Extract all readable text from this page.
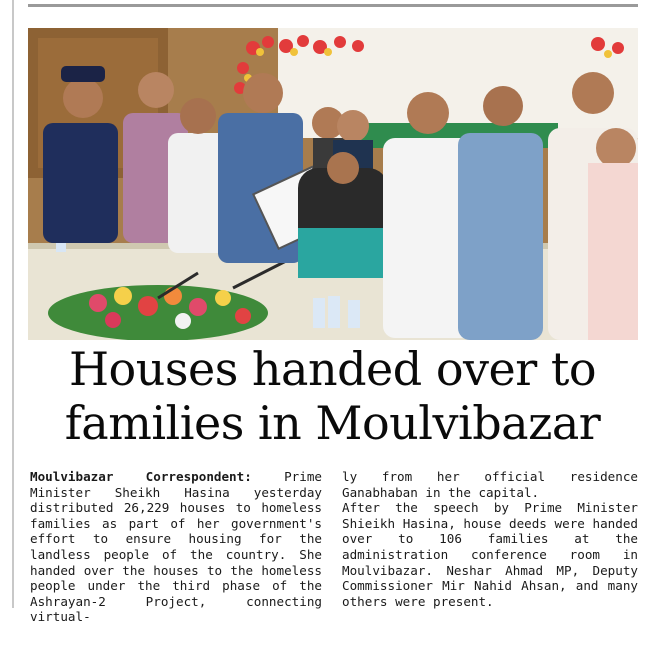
Houses handed over to
families in Moulvibazar

Moulvibazar Correspondent:	Prime Minister Sheikh Hasina yesterday distributed 26,229 houses to homeless families as part of her government's effort to ensure housing for the landless people of the country. She handed over the houses to the homeless people under the third phase of the Ashrayan-2 Project, connecting virtual-

ly from her official residence Ganabhaban in the capital.

After the speech by Prime Minister Shieikh Hasina, house deeds were handed over to 106 families at the administration conference room in Moulvibazar. Neshar Ahmad MP, Deputy Commissioner Mir Nahid Ahsan, and many others were present.
